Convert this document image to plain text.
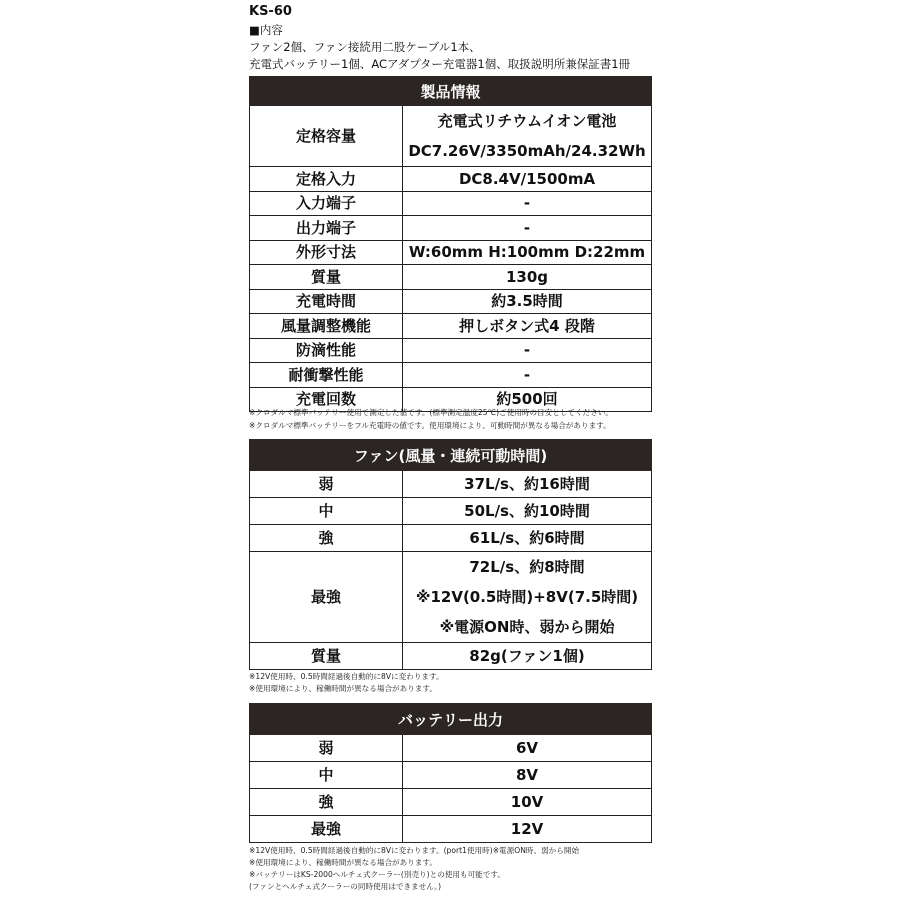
KS-60
■内容
ファン2個、ファン接続用二股ケーブル1本、
充電式バッテリー1個、ACアダプター充電器1個、取扱説明所兼保証書1冊
製品情報	
定格容量	充電式リチウムイオン電池
DC7.26V/3350mAh/24.32Wh

定格入力	DC8.4V/1500mA
入力端子	-
出力端子	-
外形寸法	W:60mm H:100mm D:22mm
質量	130g
充電時間	約3.5時間
風量調整機能	押しボタン式4 段階
防滴性能	-
耐衝撃性能	-
充電回数	約500回
※クロダルマ標準バッテリー使用で測定した値です。(標準測定温度25℃)ご使用時の目安としてください。
※クロダルマ標準バッテリーをフル充電時の値です。使用環境により、可動時間が異なる場合があります。
ファン(風量・連続可動時間)	
弱	37L/s、約16時間
中	50L/s、約10時間
強	61L/s、約6時間
最強	72L/s、約8時間
※12V(0.5時間)+8V(7.5時間)
※電源ON時、弱から開始

質量	82g(ファン1個)
※12V使用時、0.5時間経過後自動的に8Vに変わります。
※使用環境により、稼働時間が異なる場合があります。
バッテリー出力	
弱	6V
中	8V
強	10V
最強	12V
※12V使用時、0.5時間経過後自動的に8Vに変わります。(port1使用時)※電源ON時、弱から開始
※使用環境により、稼働時間が異なる場合があります。
※バッテリーはKS-2000ヘルチェ式クーラー(別売り)との使用も可能です。
(ファンとヘルチェ式クーラーの同時使用はできません。)
